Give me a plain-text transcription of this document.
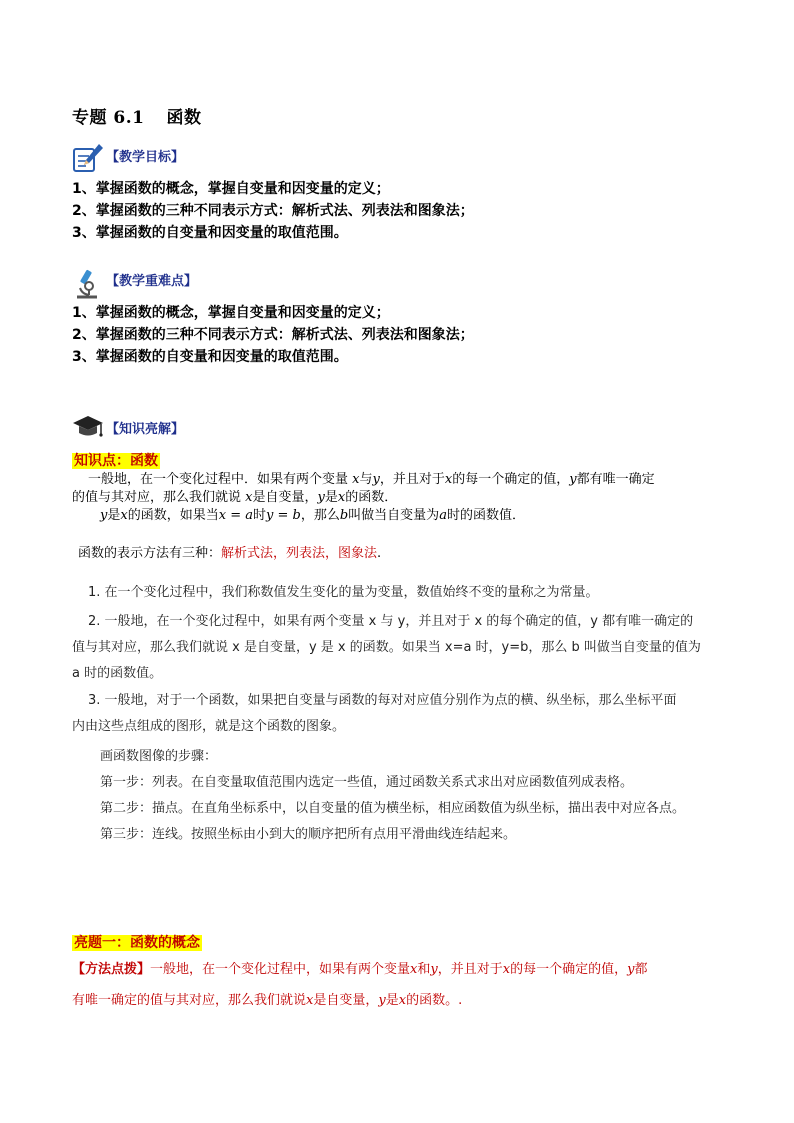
专题 6.1 函数
【教学目标】
1、掌握函数的概念，掌握自变量和因变量的定义；
2、掌握函数的三种不同表示方式：解析式法、列表法和图象法；
3、掌握函数的自变量和因变量的取值范围。
【教学重难点】
1、掌握函数的概念，掌握自变量和因变量的定义；
2、掌握函数的三种不同表示方式：解析式法、列表法和图象法；
3、掌握函数的自变量和因变量的取值范围。
【知识亮解】
知识点：函数
一般地，在一个变化过程中．如果有两个变量 x与y，并且对于x的每一个确定的值，y都有唯一确定
的值与其对应，那么我们就说 x是自变量，y是x的函数．
y是x的函数，如果当x = a时y = b，那么b叫做当自变量为a时的函数值．
函数的表示方法有三种：解析式法，列表法，图象法.
1. 在一个变化过程中，我们称数值发生变化的量为变量，数值始终不变的量称之为常量。
2. 一般地，在一个变化过程中，如果有两个变量 x 与 y，并且对于 x 的每个确定的值，y 都有唯一确定的
值与其对应，那么我们就说 x 是自变量，y 是 x 的函数。如果当 x=a 时，y=b，那么 b 叫做当自变量的值为
a 时的函数值。
3. 一般地，对于一个函数，如果把自变量与函数的每对对应值分别作为点的横、纵坐标，那么坐标平面
内由这些点组成的图形，就是这个函数的图象。
画函数图像的步骤：
第一步：列表。在自变量取值范围内选定一些值，通过函数关系式求出对应函数值列成表格。
第二步：描点。在直角坐标系中，以自变量的值为横坐标，相应函数值为纵坐标，描出表中对应各点。
第三步：连线。按照坐标由小到大的顺序把所有点用平滑曲线连结起来。
亮题一：函数的概念
【方法点拨】一般地，在一个变化过程中，如果有两个变量x和y，并且对于x的每一个确定的值，y都
有唯一确定的值与其对应，那么我们就说x是自变量，y是x的函数。.
